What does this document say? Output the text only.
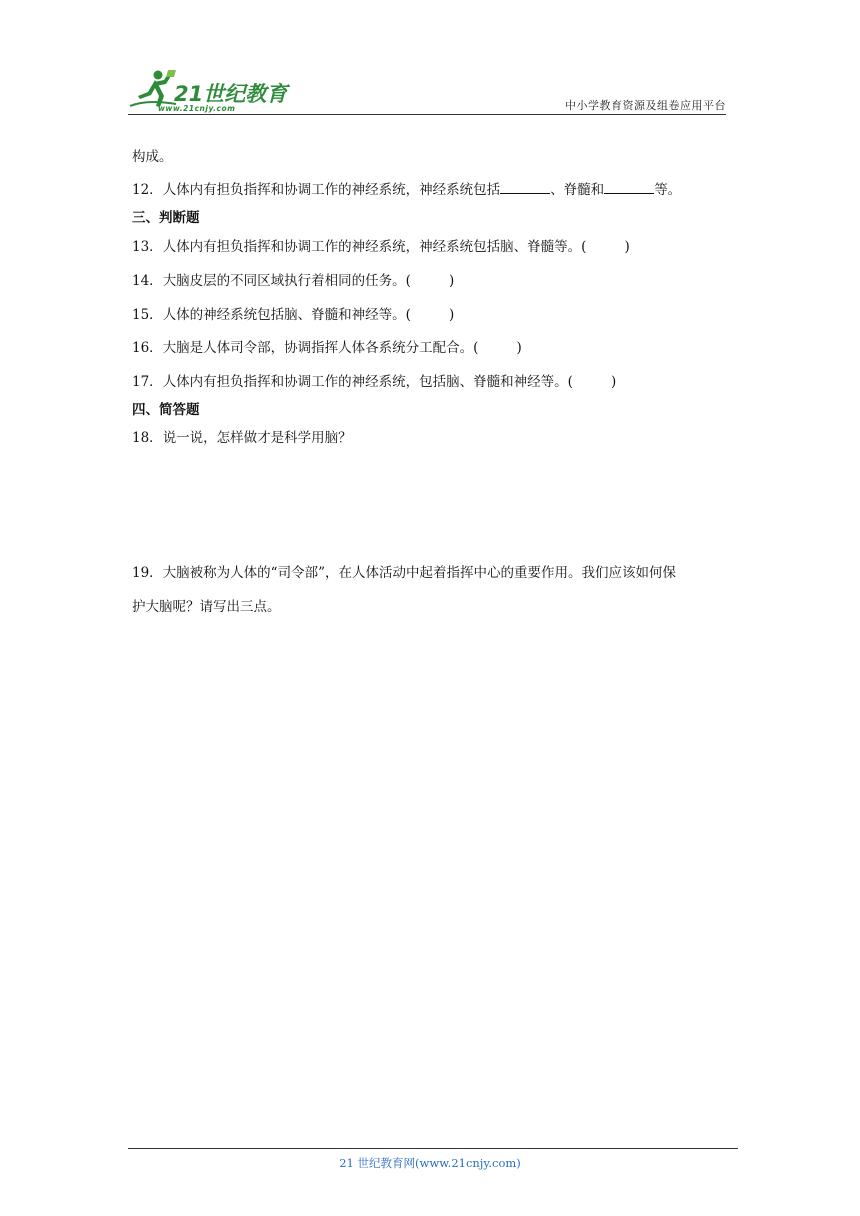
21世纪教育
www.21cnjy.com	中小学教育资源及组卷应用平台
构成。
12．人体内有担负指挥和协调工作的神经系统，神经系统包括	、脊髓和	等。
三、判断题
13．人体内有担负指挥和协调工作的神经系统，神经系统包括脑、脊髓等。(	)
14．大脑皮层的不同区域执行着相同的任务。(	)
15．人体的神经系统包括脑、脊髓和神经等。(	)
16．大脑是人体司令部，协调指挥人体各系统分工配合。(	)
17．人体内有担负指挥和协调工作的神经系统，包括脑、脊髓和神经等。(	)
四、简答题
18．说一说，怎样做才是科学用脑？
19．大脑被称为人体的“司令部”，在人体活动中起着指挥中心的重要作用。我们应该如何保
护大脑呢？请写出三点。
21 世纪教育网(www.21cnjy.com)
